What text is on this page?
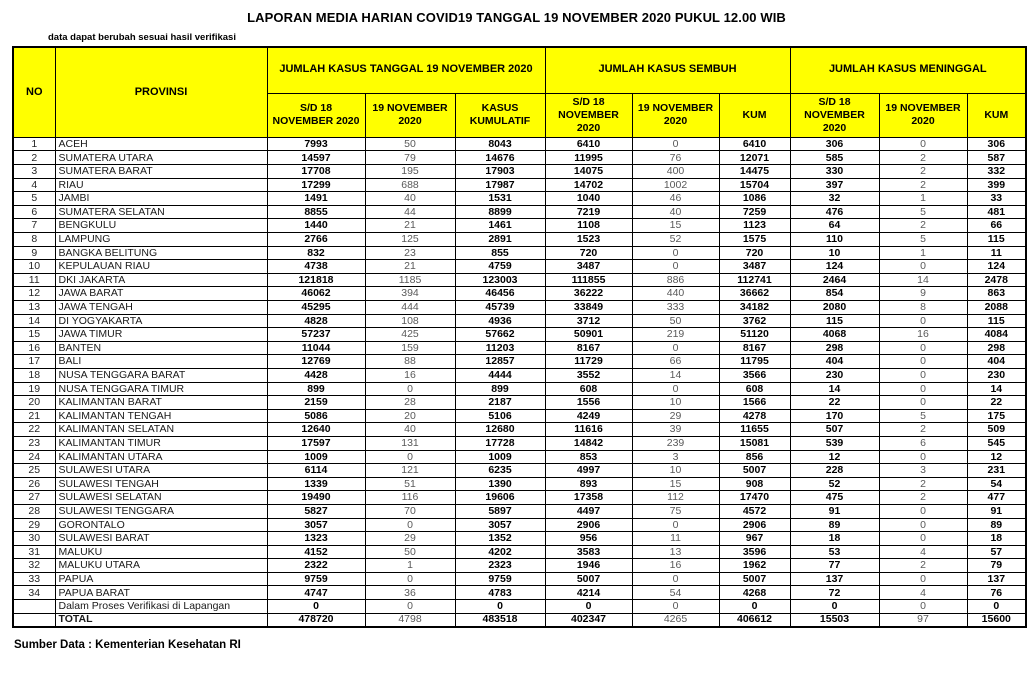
LAPORAN MEDIA HARIAN COVID19 TANGGAL 19 NOVEMBER 2020 PUKUL 12.00 WIB
data dapat berubah sesuai hasil verifikasi
NO	PROVINSI	JUMLAH KASUS TANGGAL 19 NOVEMBER 2020			JUMLAH KASUS SEMBUH			JUMLAH KASUS MENINGGAL		
		S/D 18 NOVEMBER 2020	19 NOVEMBER 2020	KASUS KUMULATIF	S/D 18 NOVEMBER 2020	19 NOVEMBER 2020	KUM	S/D 18 NOVEMBER 2020	19 NOVEMBER 2020	KUM
1	ACEH	7993	50	8043	6410	0	6410	306	0	306
2	SUMATERA UTARA	14597	79	14676	11995	76	12071	585	2	587
3	SUMATERA BARAT	17708	195	17903	14075	400	14475	330	2	332
4	RIAU	17299	688	17987	14702	1002	15704	397	2	399
5	JAMBI	1491	40	1531	1040	46	1086	32	1	33
6	SUMATERA SELATAN	8855	44	8899	7219	40	7259	476	5	481
7	BENGKULU	1440	21	1461	1108	15	1123	64	2	66
8	LAMPUNG	2766	125	2891	1523	52	1575	110	5	115
9	BANGKA BELITUNG	832	23	855	720	0	720	10	1	11
10	KEPULAUAN RIAU	4738	21	4759	3487	0	3487	124	0	124
11	DKI JAKARTA	121818	1185	123003	111855	886	112741	2464	14	2478
12	JAWA BARAT	46062	394	46456	36222	440	36662	854	9	863
13	JAWA TENGAH	45295	444	45739	33849	333	34182	2080	8	2088
14	DI YOGYAKARTA	4828	108	4936	3712	50	3762	115	0	115
15	JAWA TIMUR	57237	425	57662	50901	219	51120	4068	16	4084
16	BANTEN	11044	159	11203	8167	0	8167	298	0	298
17	BALI	12769	88	12857	11729	66	11795	404	0	404
18	NUSA TENGGARA BARAT	4428	16	4444	3552	14	3566	230	0	230
19	NUSA TENGGARA TIMUR	899	0	899	608	0	608	14	0	14
20	KALIMANTAN BARAT	2159	28	2187	1556	10	1566	22	0	22
21	KALIMANTAN TENGAH	5086	20	5106	4249	29	4278	170	5	175
22	KALIMANTAN SELATAN	12640	40	12680	11616	39	11655	507	2	509
23	KALIMANTAN TIMUR	17597	131	17728	14842	239	15081	539	6	545
24	KALIMANTAN UTARA	1009	0	1009	853	3	856	12	0	12
25	SULAWESI UTARA	6114	121	6235	4997	10	5007	228	3	231
26	SULAWESI TENGAH	1339	51	1390	893	15	908	52	2	54
27	SULAWESI SELATAN	19490	116	19606	17358	112	17470	475	2	477
28	SULAWESI TENGGARA	5827	70	5897	4497	75	4572	91	0	91
29	GORONTALO	3057	0	3057	2906	0	2906	89	0	89
30	SULAWESI BARAT	1323	29	1352	956	11	967	18	0	18
31	MALUKU	4152	50	4202	3583	13	3596	53	4	57
32	MALUKU UTARA	2322	1	2323	1946	16	1962	77	2	79
33	PAPUA	9759	0	9759	5007	0	5007	137	0	137
34	PAPUA BARAT	4747	36	4783	4214	54	4268	72	4	76
	Dalam Proses Verifikasi di Lapangan	0	0	0	0	0	0	0	0	0
	TOTAL	478720	4798	483518	402347	4265	406612	15503	97	15600
Sumber Data : Kementerian Kesehatan RI
